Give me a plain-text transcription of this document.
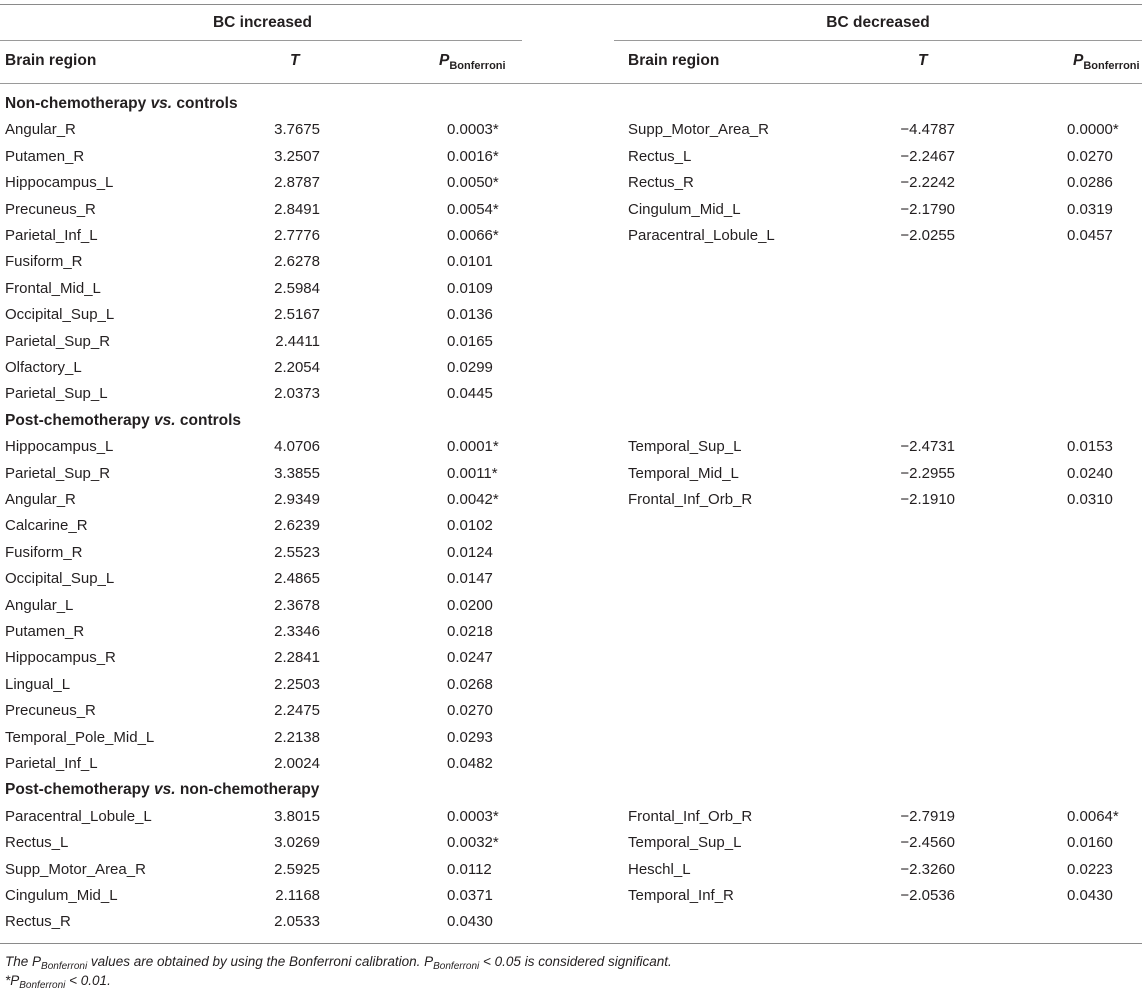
BC increased	BC decreased
Brain region	T	$P_{Bonferroni}$	Brain region	T	$P_{Bonferroni}$
Non-chemotherapy vs. controls
Angular_R	3.7675	0.0003*	Supp_Motor_Area_R	−4.4787	0.0000*
Putamen_R	3.2507	0.0016*	Rectus_L	−2.2467	0.0270
Hippocampus_L	2.8787	0.0050*	Rectus_R	−2.2242	0.0286
Precuneus_R	2.8491	0.0054*	Cingulum_Mid_L	−2.1790	0.0319
Parietal_Inf_L	2.7776	0.0066*	Paracentral_Lobule_L	−2.0255	0.0457
Fusiform_R	2.6278	0.0101
Frontal_Mid_L	2.5984	0.0109
Occipital_Sup_L	2.5167	0.0136
Parietal_Sup_R	2.4411	0.0165
Olfactory_L	2.2054	0.0299
Parietal_Sup_L	2.0373	0.0445
Post-chemotherapy vs. controls
Hippocampus_L	4.0706	0.0001*	Temporal_Sup_L	−2.4731	0.0153
Parietal_Sup_R	3.3855	0.0011*	Temporal_Mid_L	−2.2955	0.0240
Angular_R	2.9349	0.0042*	Frontal_Inf_Orb_R	−2.1910	0.0310
Calcarine_R	2.6239	0.0102
Fusiform_R	2.5523	0.0124
Occipital_Sup_L	2.4865	0.0147
Angular_L	2.3678	0.0200
Putamen_R	2.3346	0.0218
Hippocampus_R	2.2841	0.0247
Lingual_L	2.2503	0.0268
Precuneus_R	2.2475	0.0270
Temporal_Pole_Mid_L	2.2138	0.0293
Parietal_Inf_L	2.0024	0.0482
Post-chemotherapy vs. non-chemotherapy
Paracentral_Lobule_L	3.8015	0.0003*	Frontal_Inf_Orb_R	−2.7919	0.0064*
Rectus_L	3.0269	0.0032*	Temporal_Sup_L	−2.4560	0.0160
Supp_Motor_Area_R	2.5925	0.0112	Heschl_L	−2.3260	0.0223
Cingulum_Mid_L	2.1168	0.0371	Temporal_Inf_R	−2.0536	0.0430
Rectus_R	2.0533	0.0430
The $P_{Bonferroni}$ values are obtained by using the Bonferroni calibration. $P_{Bonferroni} < 0.05$ is considered significant.
$*P_{Bonferroni} < 0.01$.
